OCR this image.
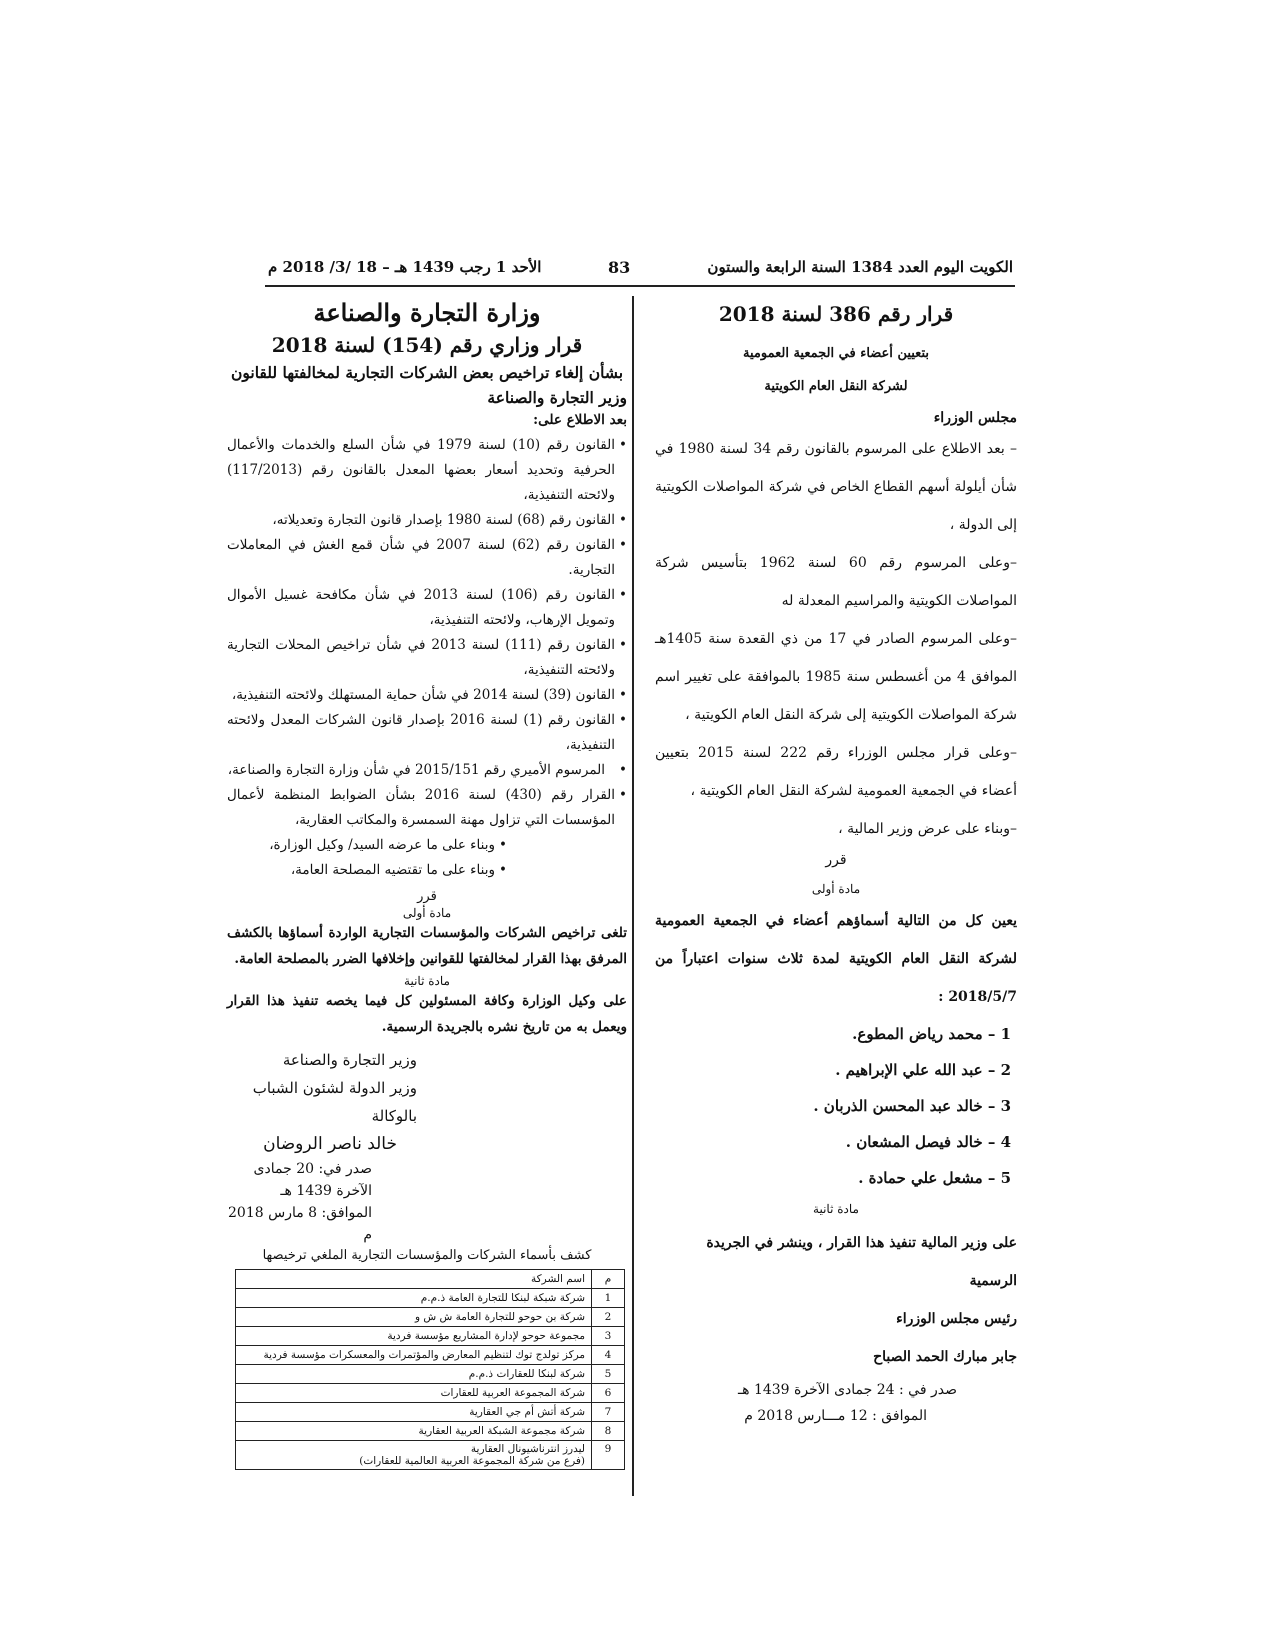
الكويت اليوم العدد 1384 السنة الرابعة والستون
83
الأحد 1 رجب 1439 هـ – 18 /3/ 2018 م
قرار رقم 386 لسنة 2018
بتعيين أعضاء في الجمعية العمومية
لشركة النقل العام الكويتية
مجلس الوزراء

– بعد الاطلاع على المرسوم بالقانون رقم 34 لسنة 1980 في شأن أيلولة أسهم القطاع الخاص في شركة المواصلات الكويتية إلى الدولة ،

–وعلى المرسوم رقم 60 لسنة 1962 بتأسيس شركة المواصلات الكويتية والمراسيم المعدلة له

–وعلى المرسوم الصادر في 17 من ذي القعدة سنة 1405هـ الموافق 4 من أغسطس سنة 1985 بالموافقة على تغيير اسم شركة المواصلات الكويتية إلى شركة النقل العام الكويتية ،

–وعلى قرار مجلس الوزراء رقم 222 لسنة 2015 بتعيين أعضاء في الجمعية العمومية لشركة النقل العام الكويتية ،

–وبناء على عرض وزير المالية ،

قرر
مادة أولى

يعين كل من التالية أسماؤهم أعضاء في الجمعية العمومية لشركة النقل العام الكويتية لمدة ثلاث سنوات اعتباراً من 2018/5/7 :

1 – محمد رياض المطوع.

2 – عبد الله علي الإبراهيم .

3 – خالد عبد المحسن الذربان .

4 – خالد فيصل المشعان .

5 – مشعل علي حمادة .

مادة ثانية

على وزير المالية تنفيذ هذا القرار ، وينشر في الجريدة الرسمية

رئيس مجلس الوزراء

جابر مبارك الحمد الصباح

صدر في : 24 جمادى الآخرة 1439 هـ

الموافق : 12 مـــارس 2018 م

وزارة التجارة والصناعة
قرار وزاري رقم (154) لسنة 2018
بشأن إلغاء تراخيص بعض الشركات التجارية لمخالفتها للقانون
وزير التجارة والصناعة

بعد الاطلاع على:

• القانون رقم (10) لسنة 1979 في شأن السلع والخدمات والأعمال الحرفية وتحديد أسعار بعضها المعدل بالقانون رقم (117/2013) ولائحته التنفيذية،
• القانون رقم (68) لسنة 1980 بإصدار قانون التجارة وتعديلاته،
• القانون رقم (62) لسنة 2007 في شأن قمع الغش في المعاملات التجارية.
• القانون رقم (106) لسنة 2013 في شأن مكافحة غسيل الأموال وتمويل الإرهاب، ولائحته التنفيذية،
• القانون رقم (111) لسنة 2013 في شأن تراخيص المحلات التجارية ولائحته التنفيذية،
• القانون (39) لسنة 2014 في شأن حماية المستهلك ولائحته التنفيذية،
• القانون رقم (1) لسنة 2016 بإصدار قانون الشركات المعدل ولائحته التنفيذية،
• المرسوم الأميري رقم 2015/151 في شأن وزارة التجارة والصناعة،
• القرار رقم (430) لسنة 2016 بشأن الضوابط المنظمة لأعمال المؤسسات التي تزاول مهنة السمسرة والمكاتب العقارية،
• وبناء على ما عرضه السيد/ وكيل الوزارة،
• وبناء على ما تقتضيه المصلحة العامة،
قرر
مادة أولى

تلغى تراخيص الشركات والمؤسسات التجارية الواردة أسماؤها بالكشف المرفق بهذا القرار لمخالفتها للقوانين وإخلافها الضرر بالمصلحة العامة.

مادة ثانية

على وكيل الوزارة وكافة المسئولين كل فيما يخصه تنفيذ هذا القرار ويعمل به من تاريخ نشره بالجريدة الرسمية.

وزير التجارة والصناعة

وزير الدولة لشئون الشباب بالوكالة

خالد ناصر الروضان

صدر في: 20 جمادى الآخرة 1439 هـ

الموافق: 8 مارس 2018 م

كشف بأسماء الشركات والمؤسسات التجارية الملغي ترخيصها
م	اسم الشركة
1	شركة شبكة لبنكا للتجارة العامة ذ.م.م
2	شركة بن حوحو للتجارة العامة ش ش و
3	مجموعة حوحو لإدارة المشاريع مؤسسة فردية
4	مركز تولدج توك لتنظيم المعارض والمؤتمرات والمعسكرات مؤسسة فردية
5	شركة لبنكا للعقارات ذ.م.م
6	شركة المجموعة العربية للعقارات
7	شركة أتش أم جي العقارية
8	شركة مجموعة الشبكة العربية العقارية
9	ليدرز انترناشيونال العقارية
(فرع من شركة المجموعة العربية العالمية للعقارات)
